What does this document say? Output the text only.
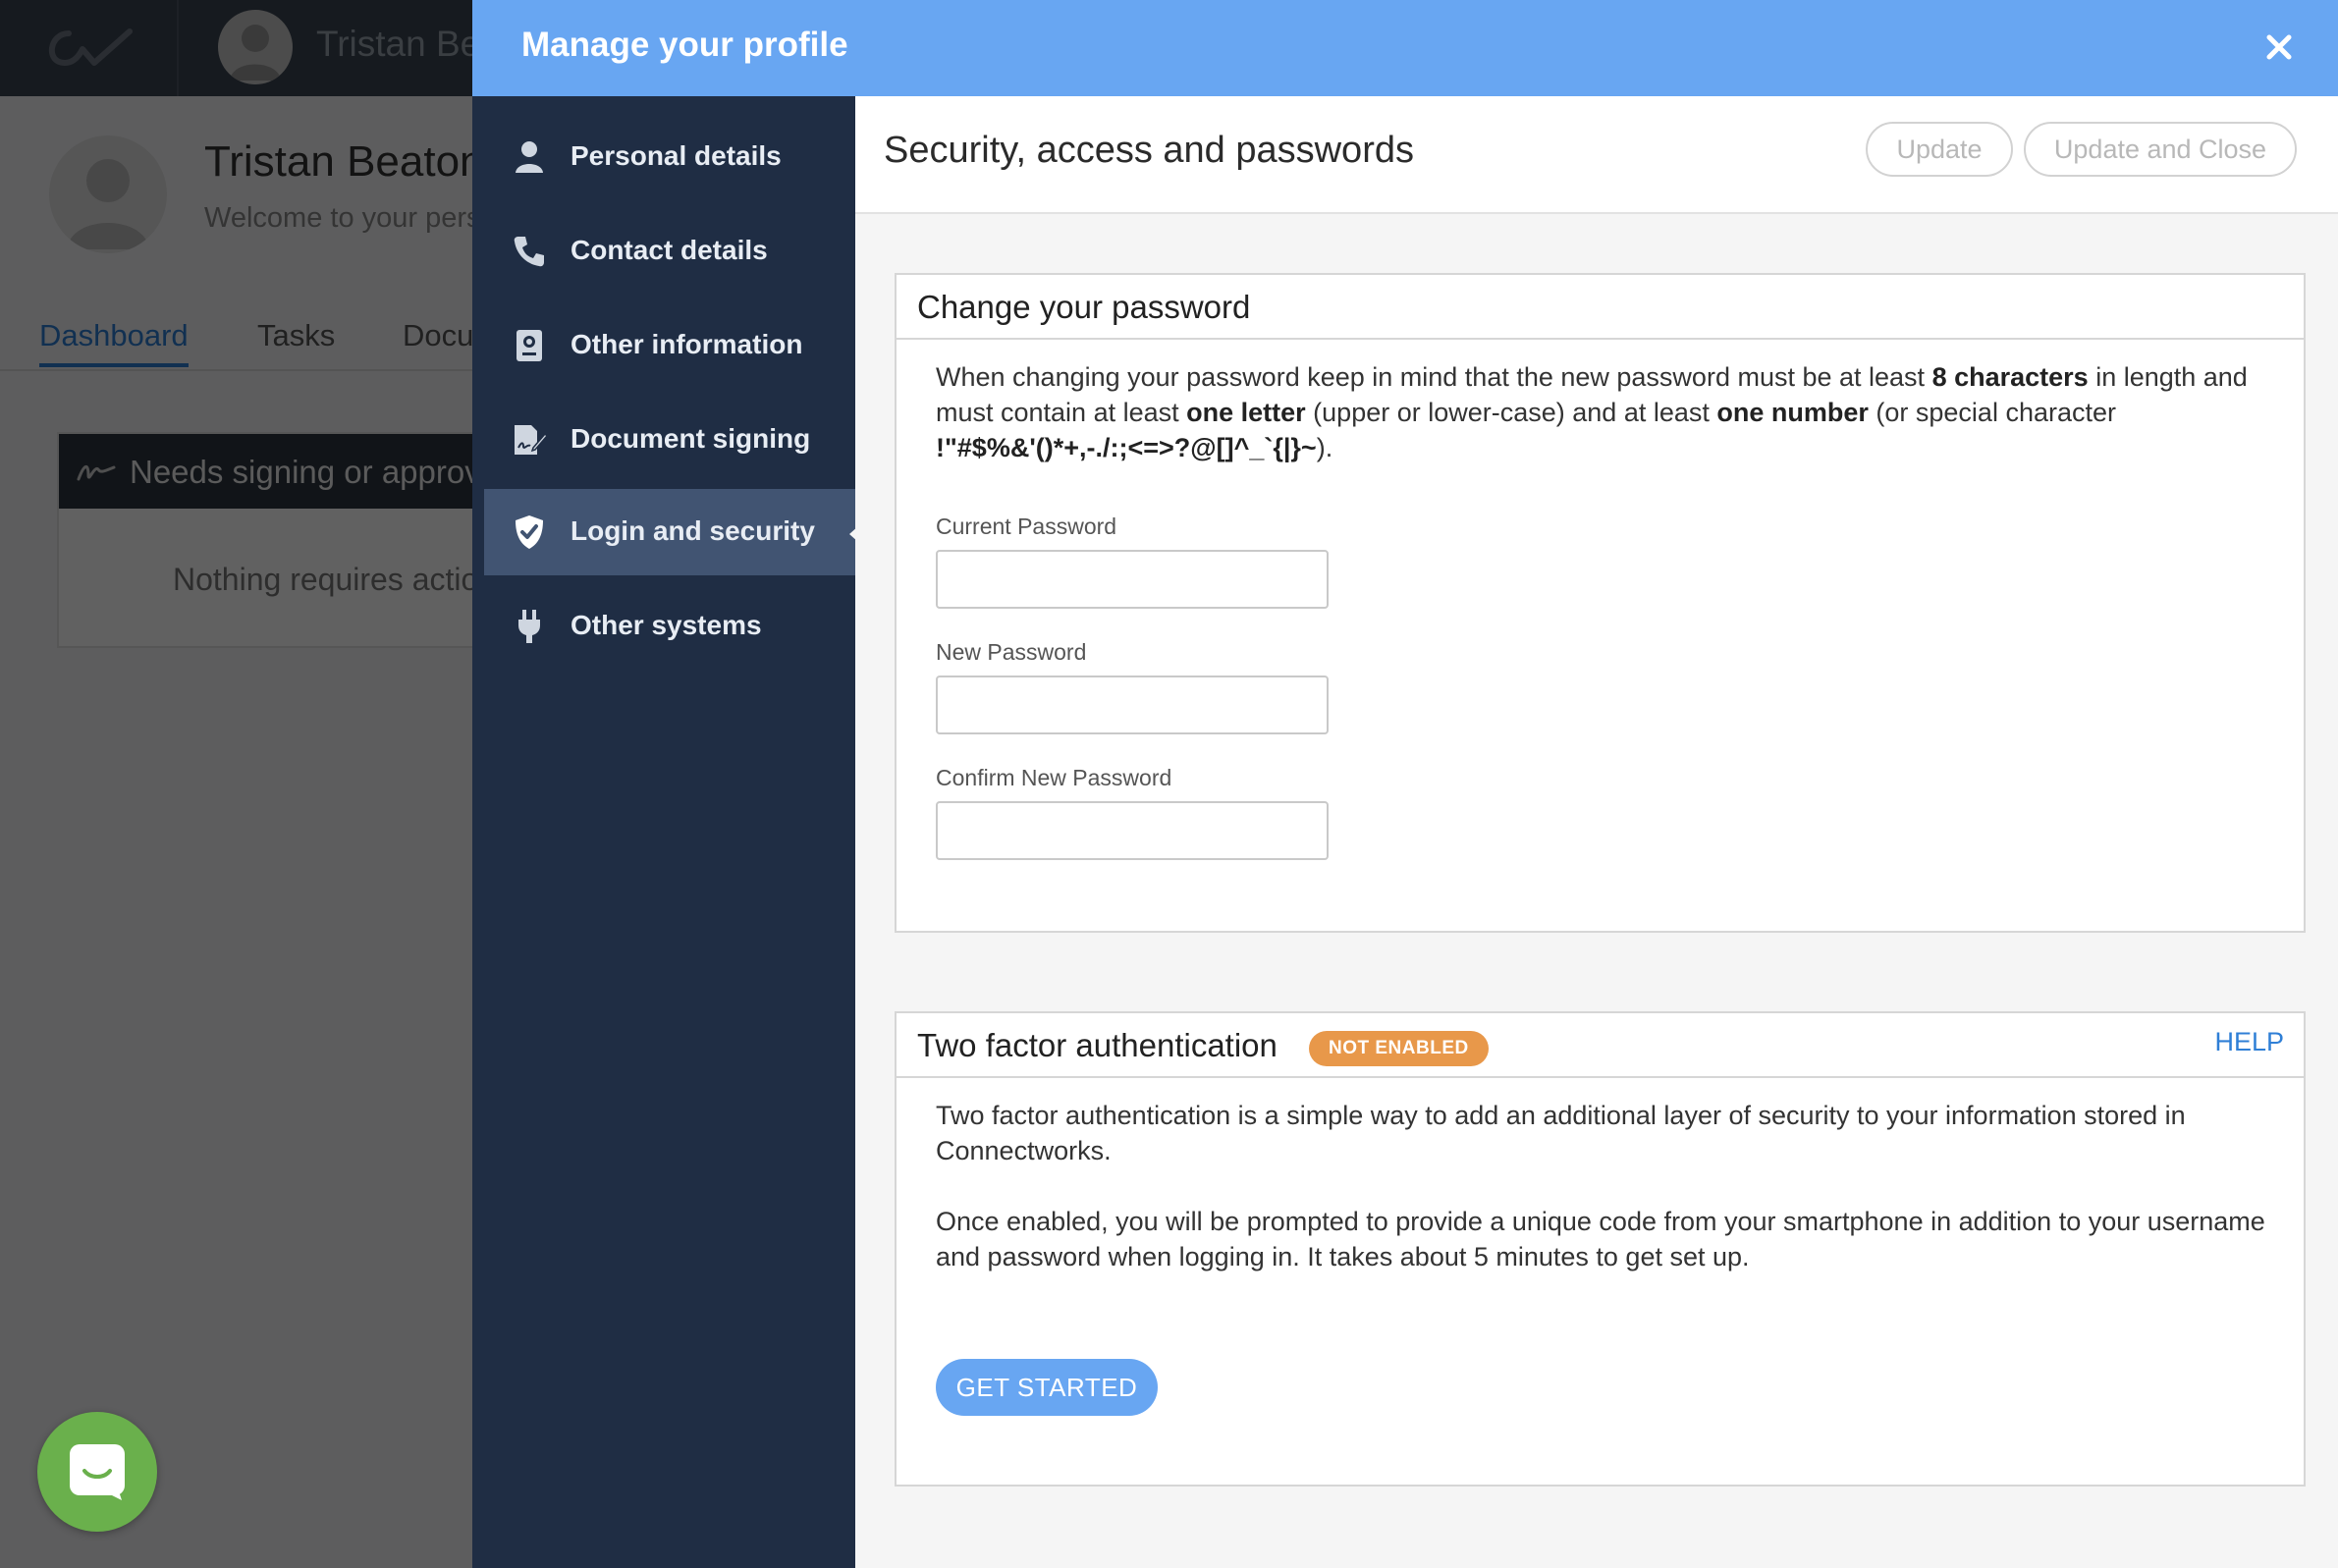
Manage your profile
Personal details
Contact details
Other information
Document signing
Login and security
Other systems
Security, access and passwords	Update	Update and Close
Change your password

When changing your password keep in mind that the new password must be at least 8 characters in length and must contain at least one letter (upper or lower-case) and at least one number (or special character
!"#$%&'()*+,-./:;<=>?@[]^_`{|}~).

Current Password
New Password
Confirm New Password
Two factor authentication	NOT ENABLED	HELP

Two factor authentication is a simple way to add an additional layer of security to your information stored in Connectworks.

Once enabled, you will be prompted to provide a unique code from your smartphone in addition to your username and password when logging in. It takes about 5 minutes to get set up.

GET STARTED
